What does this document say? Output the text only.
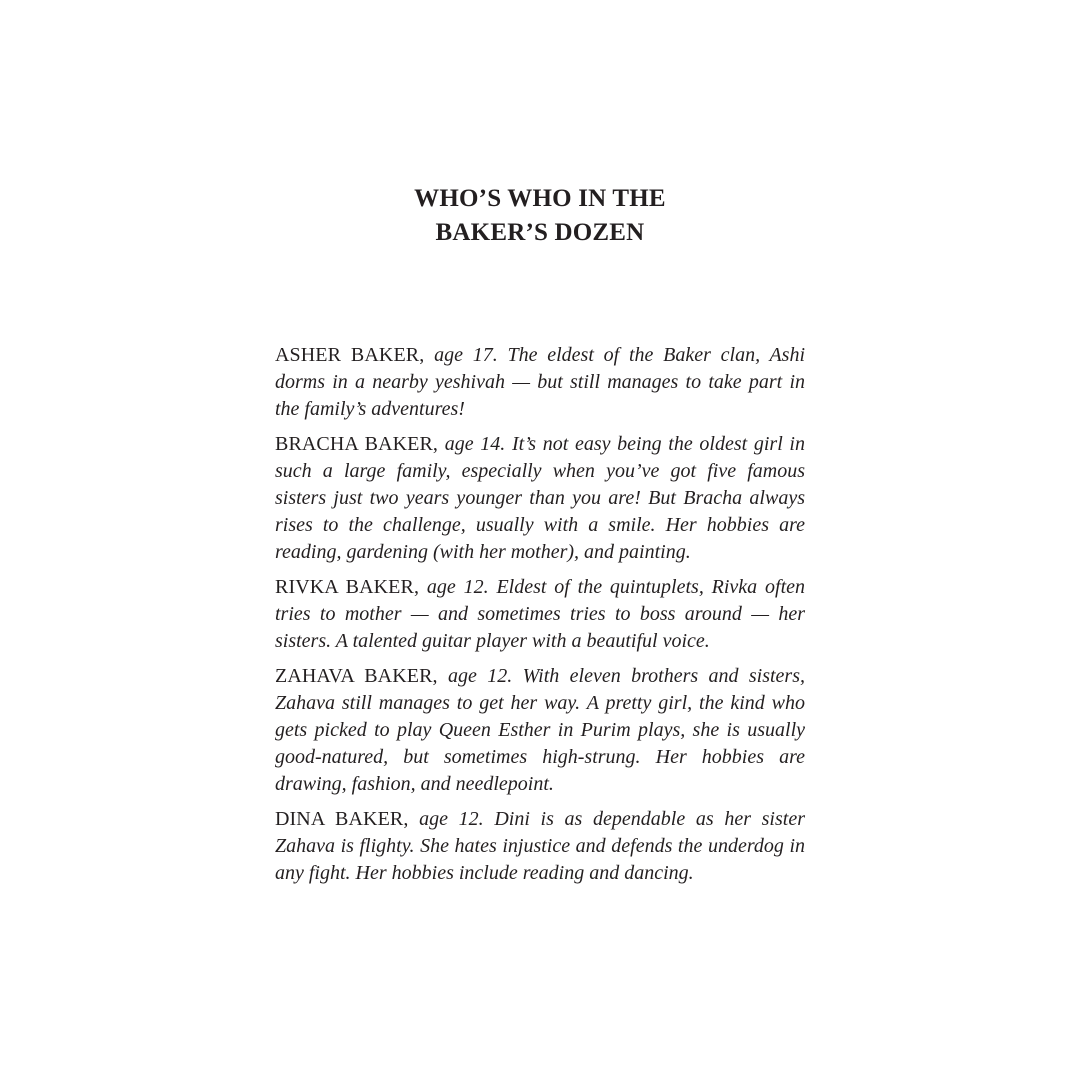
WHO’S WHO IN THE
BAKER’S DOZEN

ASHER BAKER, age 17. The eldest of the Baker clan, Ashi dorms in a nearby yeshivah — but still manages to take part in the family’s adventures!

BRACHA BAKER, age 14. It’s not easy being the oldest girl in such a large family, especially when you’ve got five famous sisters just two years younger than you are! But Bracha always rises to the challenge, usually with a smile. Her hobbies are reading, gardening (with her mother), and painting.

RIVKA BAKER, age 12. Eldest of the quintuplets, Rivka often tries to mother — and sometimes tries to boss around — her sisters. A talented guitar player with a beautiful voice.

ZAHAVA BAKER, age 12. With eleven brothers and sisters, Zahava still manages to get her way. A pretty girl, the kind who gets picked to play Queen Esther in Purim plays, she is usually good-natured, but sometimes high-strung. Her hobbies are drawing, fashion, and needlepoint.

DINA BAKER, age 12. Dini is as dependable as her sister Zahava is flighty. She hates injustice and defends the underdog in any fight. Her hobbies include reading and dancing.
